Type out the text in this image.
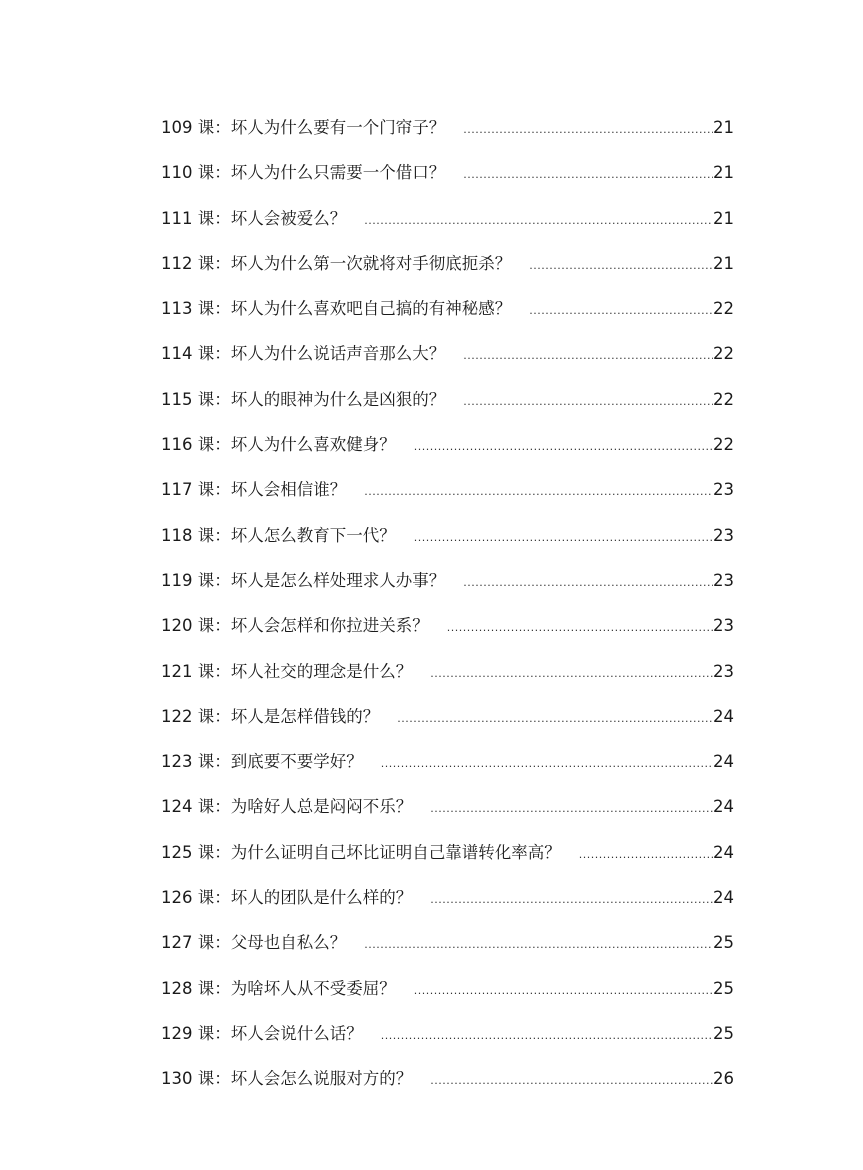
109 课：坏人为什么要有一个门帘子？ .....	21
110 课：坏人为什么只需要一个借口？ .....	21
111 课：坏人会被爱么？ .....	21
112 课：坏人为什么第一次就将对手彻底扼杀？ .....	21
113 课：坏人为什么喜欢吧自己搞的有神秘感？ .....	22
114 课：坏人为什么说话声音那么大？ .....	22
115 课：坏人的眼神为什么是凶狠的？ .....	22
116 课：坏人为什么喜欢健身？ .....	22
117 课：坏人会相信谁？ .....	23
118 课：坏人怎么教育下一代？ .....	23
119 课：坏人是怎么样处理求人办事？ .....	23
120 课：坏人会怎样和你拉进关系？ .....	23
121 课：坏人社交的理念是什么？ .....	23
122 课：坏人是怎样借钱的？ .....	24
123 课：到底要不要学好？ .....	24
124 课：为啥好人总是闷闷不乐？ .....	24
125 课：为什么证明自己坏比证明自己靠谱转化率高？ .....	24
126 课：坏人的团队是什么样的？ .....	24
127 课：父母也自私么？ .....	25
128 课：为啥坏人从不受委屈？ .....	25
129 课：坏人会说什么话？ .....	25
130 课：坏人会怎么说服对方的？ .....	26
